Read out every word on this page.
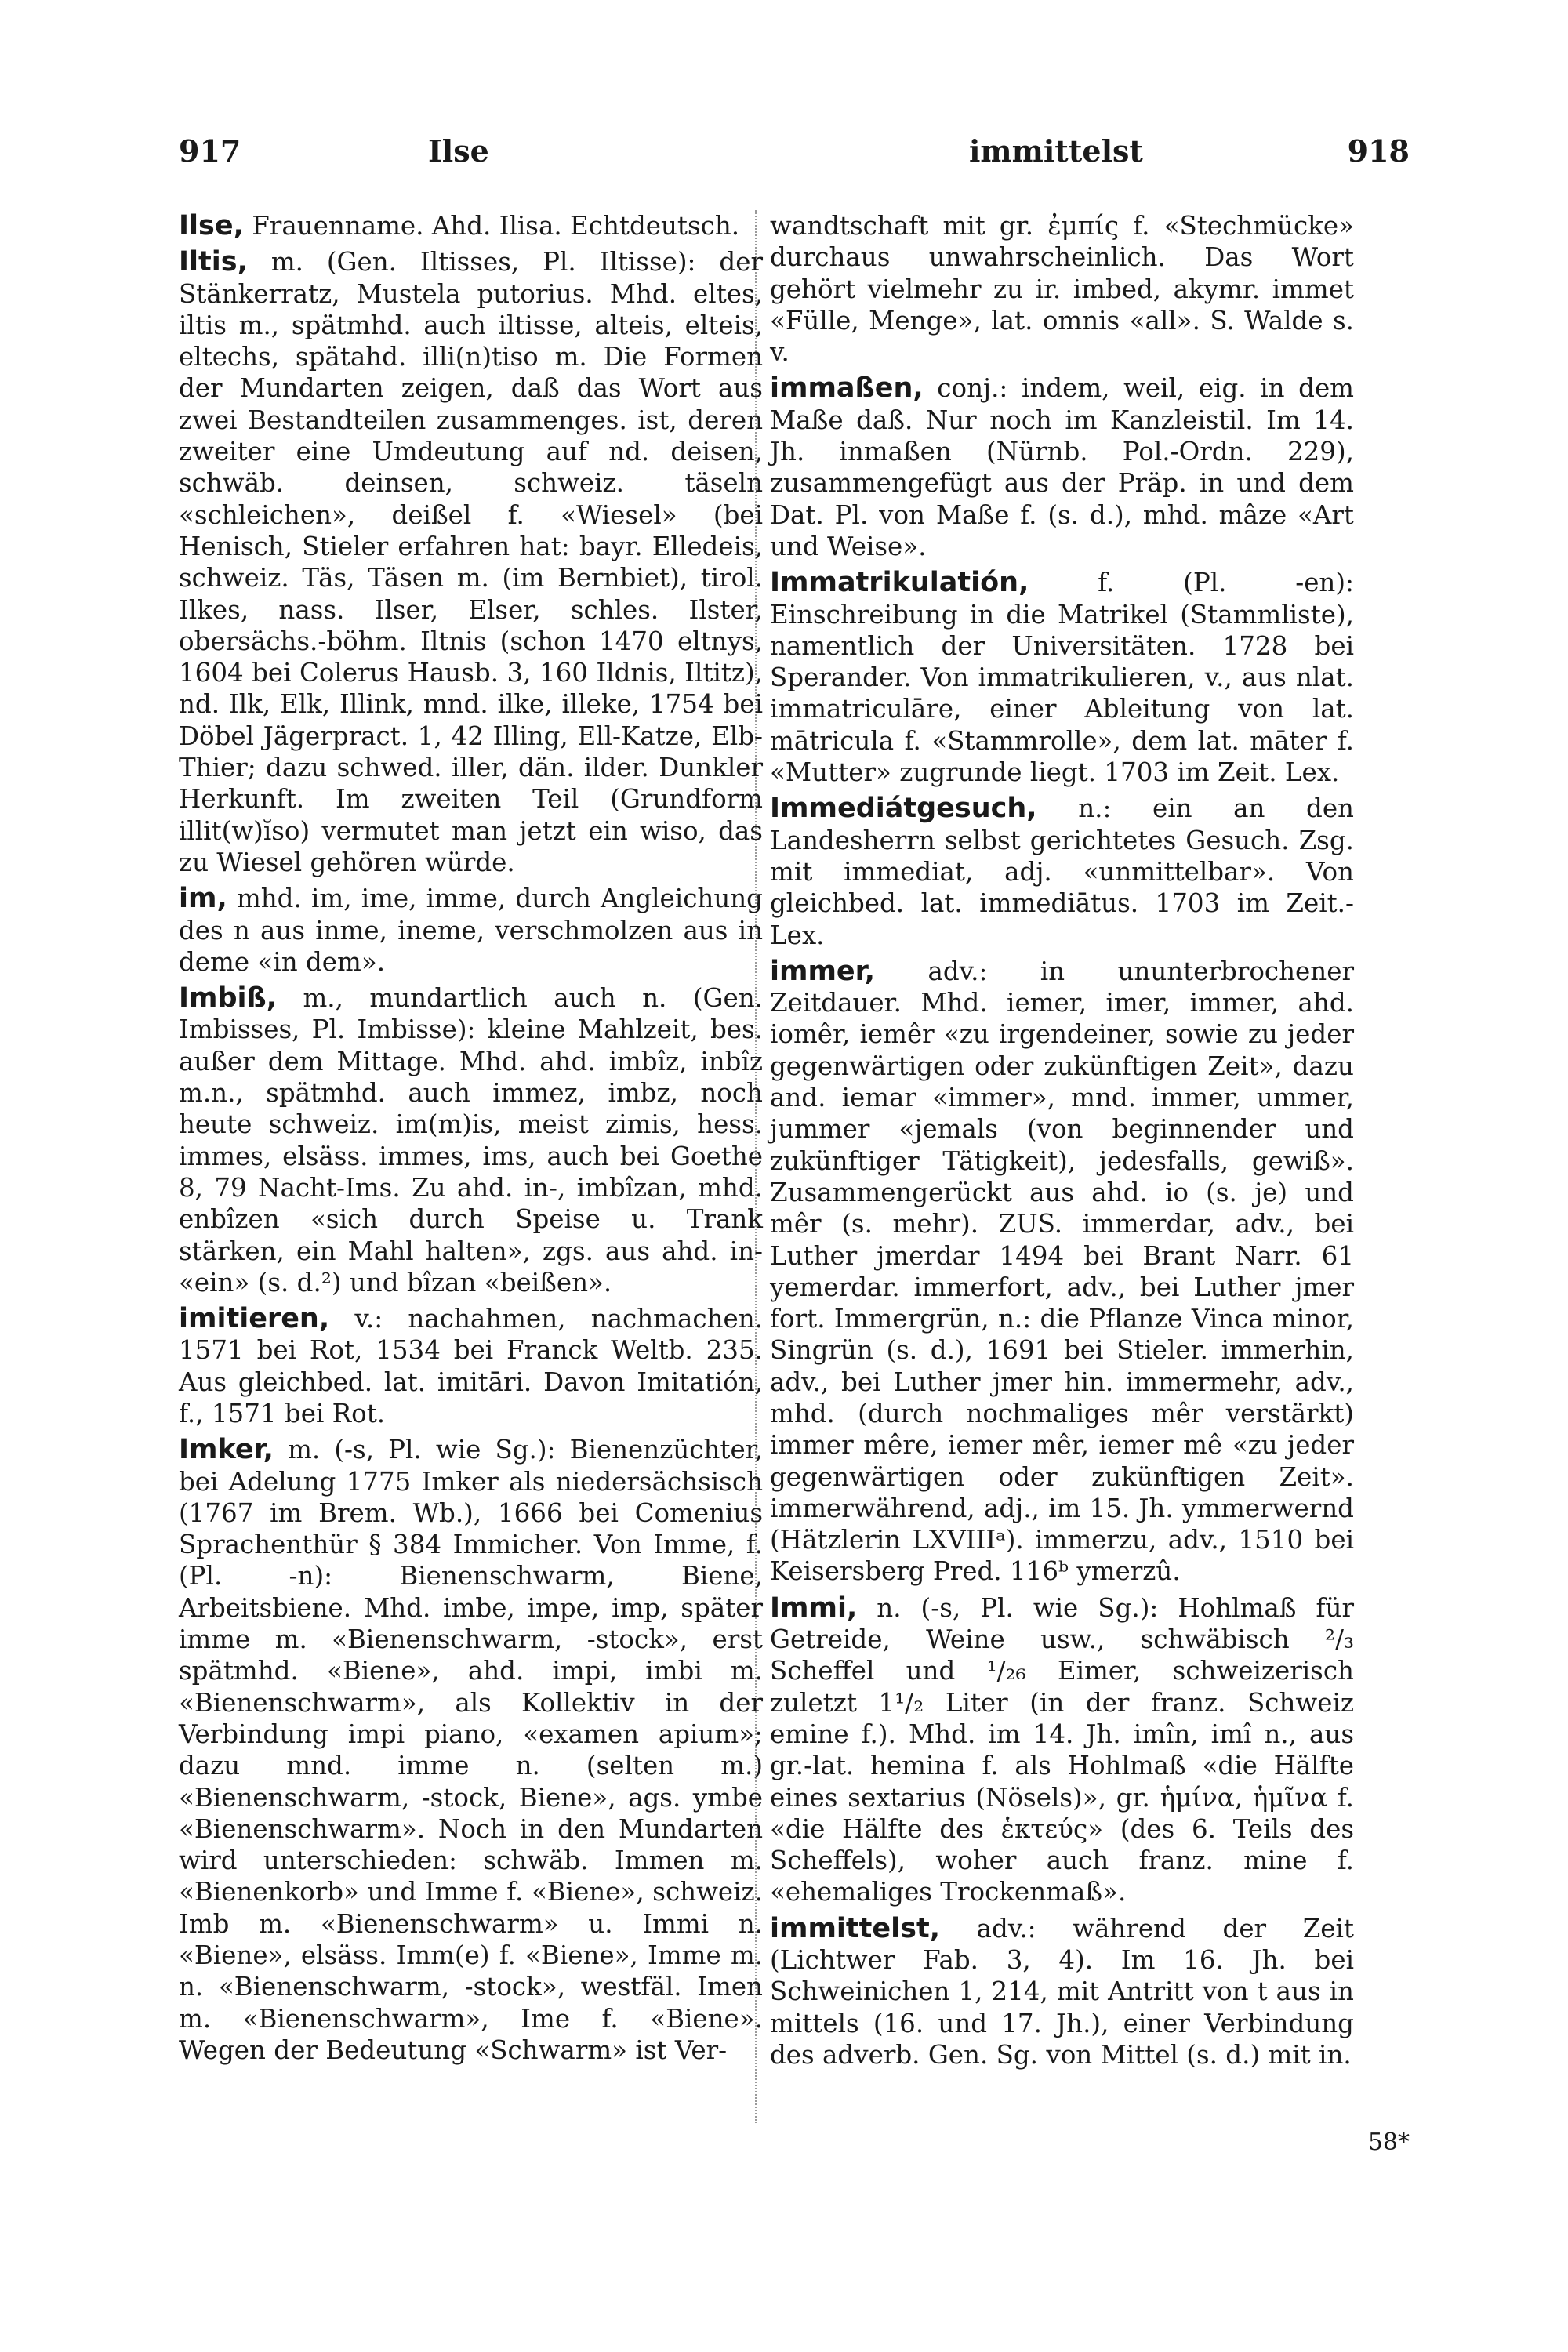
917	Ilse	immittelst	918

Ilse, Frauenname. Ahd. Ilisa. Echtdeutsch.

Iltis, m. (Gen. Iltisses, Pl. Iltisse): der Stänkerratz, Mustela putorius. Mhd. eltes, iltis m., spätmhd. auch iltisse, alteis, elteis, eltechs, spätahd. illi(n)tiso m. Die Formen der Mundarten zeigen, daß das Wort aus zwei Bestandteilen zusammenges. ist, deren zweiter eine Umdeutung auf nd. deisen, schwäb. deinsen, schweiz. täseln «schleichen», deißel f. «Wiesel» (bei Henisch, Stieler erfahren hat: bayr. Elledeis, schweiz. Täs, Täsen m. (im Bernbiet), tirol. Ilkes, nass. Ilser, Elser, schles. Ilster, obersächs.-böhm. Iltnis (schon 1470 eltnys, 1604 bei Colerus Hausb. 3, 160 Ildnis, Iltitz), nd. Ilk, Elk, Illink, mnd. ilke, illeke, 1754 bei Döbel Jägerpract. 1, 42 Illing, Ell-Katze, Elb-Thier; dazu schwed. iller, dän. ilder. Dunkler Herkunft. Im zweiten Teil (Grundform illit(w)ĭso) vermutet man jetzt ein wiso, das zu Wiesel gehören würde.

im, mhd. im, ime, imme, durch Angleichung des n aus inme, ineme, verschmolzen aus in deme «in dem».

Imbiß, m., mundartlich auch n. (Gen. Imbisses, Pl. Imbisse): kleine Mahlzeit, bes. außer dem Mittage. Mhd. ahd. imbîz, inbîz m.n., spätmhd. auch immez, imbz, noch heute schweiz. im(m)is, meist zimis, hess. immes, elsäss. immes, ims, auch bei Goethe 8, 79 Nacht-Ims. Zu ahd. in-, imbîzan, mhd. enbîzen «sich durch Speise u. Trank stärken, ein Mahl halten», zgs. aus ahd. in- «ein» (s. d.²) und bîzan «beißen».

imitieren, v.: nachahmen, nachmachen. 1571 bei Rot, 1534 bei Franck Weltb. 235. Aus gleichbed. lat. imitāri. Davon Imitatión, f., 1571 bei Rot.

Imker, m. (-s, Pl. wie Sg.): Bienenzüchter, bei Adelung 1775 Imker als niedersächsisch (1767 im Brem. Wb.), 1666 bei Comenius Sprachenthür § 384 Immicher. Von Imme, f. (Pl. -n): Bienenschwarm, Biene, Arbeitsbiene. Mhd. imbe, impe, imp, später imme m. «Bienenschwarm, -stock», erst spätmhd. «Biene», ahd. impi, imbi m. «Bienenschwarm», als Kollektiv in der Verbindung impi piano, «examen apium»; dazu mnd. imme n. (selten m.) «Bienenschwarm, -stock, Biene», ags. ymbe «Bienenschwarm». Noch in den Mundarten wird unterschieden: schwäb. Immen m. «Bienenkorb» und Imme f. «Biene», schweiz. Imb m. «Bienenschwarm» u. Immi n. «Biene», elsäss. Imm(e) f. «Biene», Imme m. n. «Bienenschwarm, -stock», westfäl. Imen m. «Bienenschwarm», Ime f. «Biene». Wegen der Bedeutung «Schwarm» ist Ver-

wandtschaft mit gr. ἐμπίς f. «Stechmücke» durchaus unwahrscheinlich. Das Wort gehört vielmehr zu ir. imbed, akymr. immet «Fülle, Menge», lat. omnis «all». S. Walde s. v.

immaßen, conj.: indem, weil, eig. in dem Maße daß. Nur noch im Kanzleistil. Im 14. Jh. inmaßen (Nürnb. Pol.-Ordn. 229), zusammengefügt aus der Präp. in und dem Dat. Pl. von Maße f. (s. d.), mhd. mâze «Art und Weise».

Immatrikulatión,	f. (Pl. -en): Einschreibung in die Matrikel (Stammliste), namentlich der Universitäten. 1728 bei Sperander. Von immatrikulieren, v., aus nlat. immatriculāre, einer Ableitung von lat. mātricula f. «Stammrolle», dem lat. māter f. «Mutter» zugrunde liegt. 1703 im Zeit. Lex.

Immediátgesuch, n.: ein an den Landesherrn selbst gerichtetes Gesuch. Zsg. mit immediat, adj. «unmittelbar». Von gleichbed. lat. immediātus. 1703 im Zeit.-Lex.

immer, adv.: in ununterbrochener Zeitdauer. Mhd. iemer, imer, immer, ahd. iomêr, iemêr «zu irgendeiner, sowie zu jeder gegenwärtigen oder zukünftigen Zeit», dazu and. iemar «immer», mnd. immer, ummer, jummer «jemals (von beginnender und zukünftiger Tätigkeit), jedesfalls, gewiß». Zusammengerückt aus ahd. io (s. je) und mêr (s. mehr). ZUS. immerdar, adv., bei Luther jmerdar 1494 bei Brant Narr. 61 yemerdar. immerfort, adv., bei Luther jmer fort. Immergrün, n.: die Pflanze Vinca minor, Singrün (s. d.), 1691 bei Stieler. immerhin, adv., bei Luther jmer hin. immermehr, adv., mhd. (durch nochmaliges mêr verstärkt) immer mêre, iemer mêr, iemer mê «zu jeder gegenwärtigen oder zukünftigen Zeit». immerwährend, adj., im 15. Jh. ymmerwernd (Hätzlerin LXVIIIᵃ). immerzu, adv., 1510 bei Keisersberg Pred. 116ᵇ ymerzû.

Immi, n. (-s, Pl. wie Sg.): Hohlmaß für Getreide, Weine usw., schwäbisch ²/₃ Scheffel und ¹/₂₆ Eimer, schweizerisch zuletzt 1¹/₂ Liter (in der franz. Schweiz emine f.). Mhd. im 14. Jh. imîn, imî n., aus gr.-lat. hemina f. als Hohlmaß «die Hälfte eines sextarius (Nösels)», gr. ἡμίνα, ἡμῖνα f. «die Hälfte des ἑκτεύς» (des 6. Teils des Scheffels), woher auch franz. mine f. «ehemaliges Trockenmaß».

immittelst, adv.: während der Zeit (Lichtwer Fab. 3, 4). Im 16. Jh. bei Schweinichen 1, 214, mit Antritt von t aus in mittels (16. und 17. Jh.), einer Verbindung des adverb. Gen. Sg. von Mittel (s. d.) mit in.

58*
